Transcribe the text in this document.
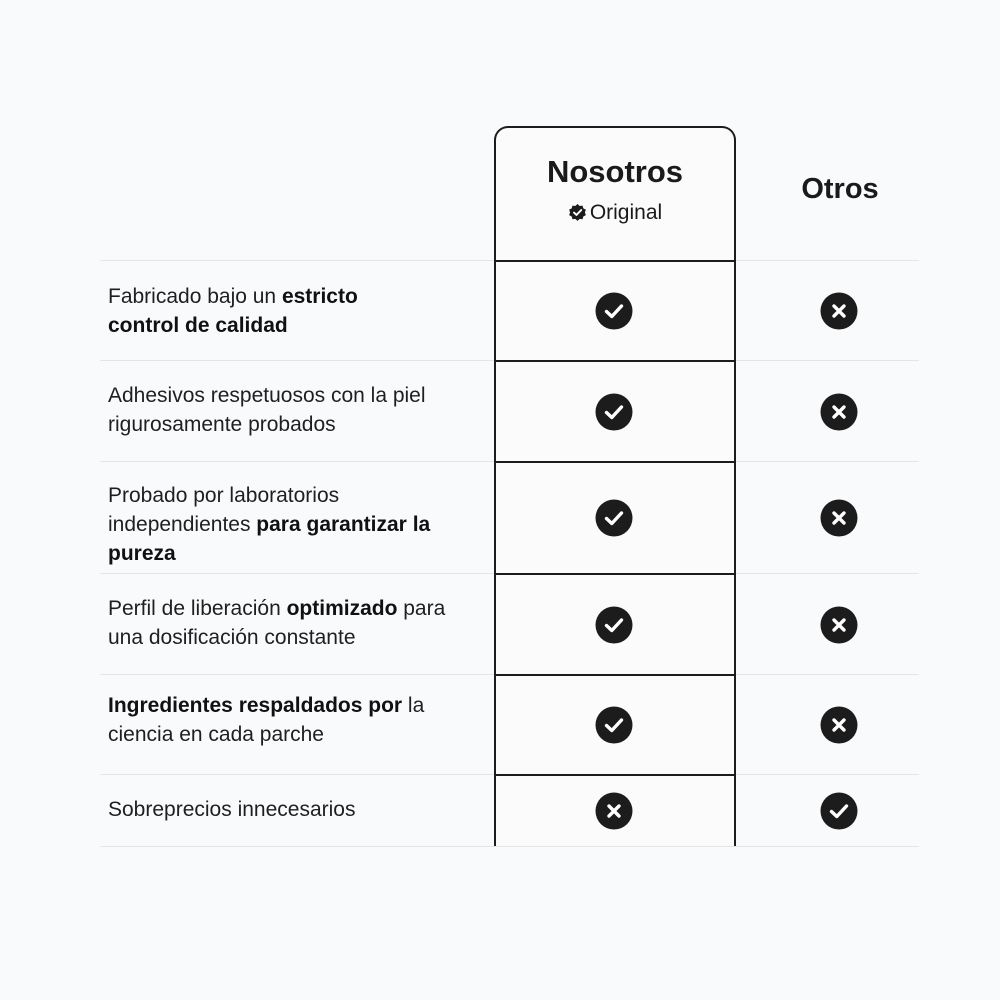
Nosotros
Original
Otros
Fabricado bajo un estricto control de calidad
Adhesivos respetuosos con la piel rigurosamente probados
Probado por laboratorios independientes para garantizar la pureza
Perfil de liberación optimizado para una dosificación constante
Ingredientes respaldados por la ciencia en cada parche
Sobreprecios innecesarios
